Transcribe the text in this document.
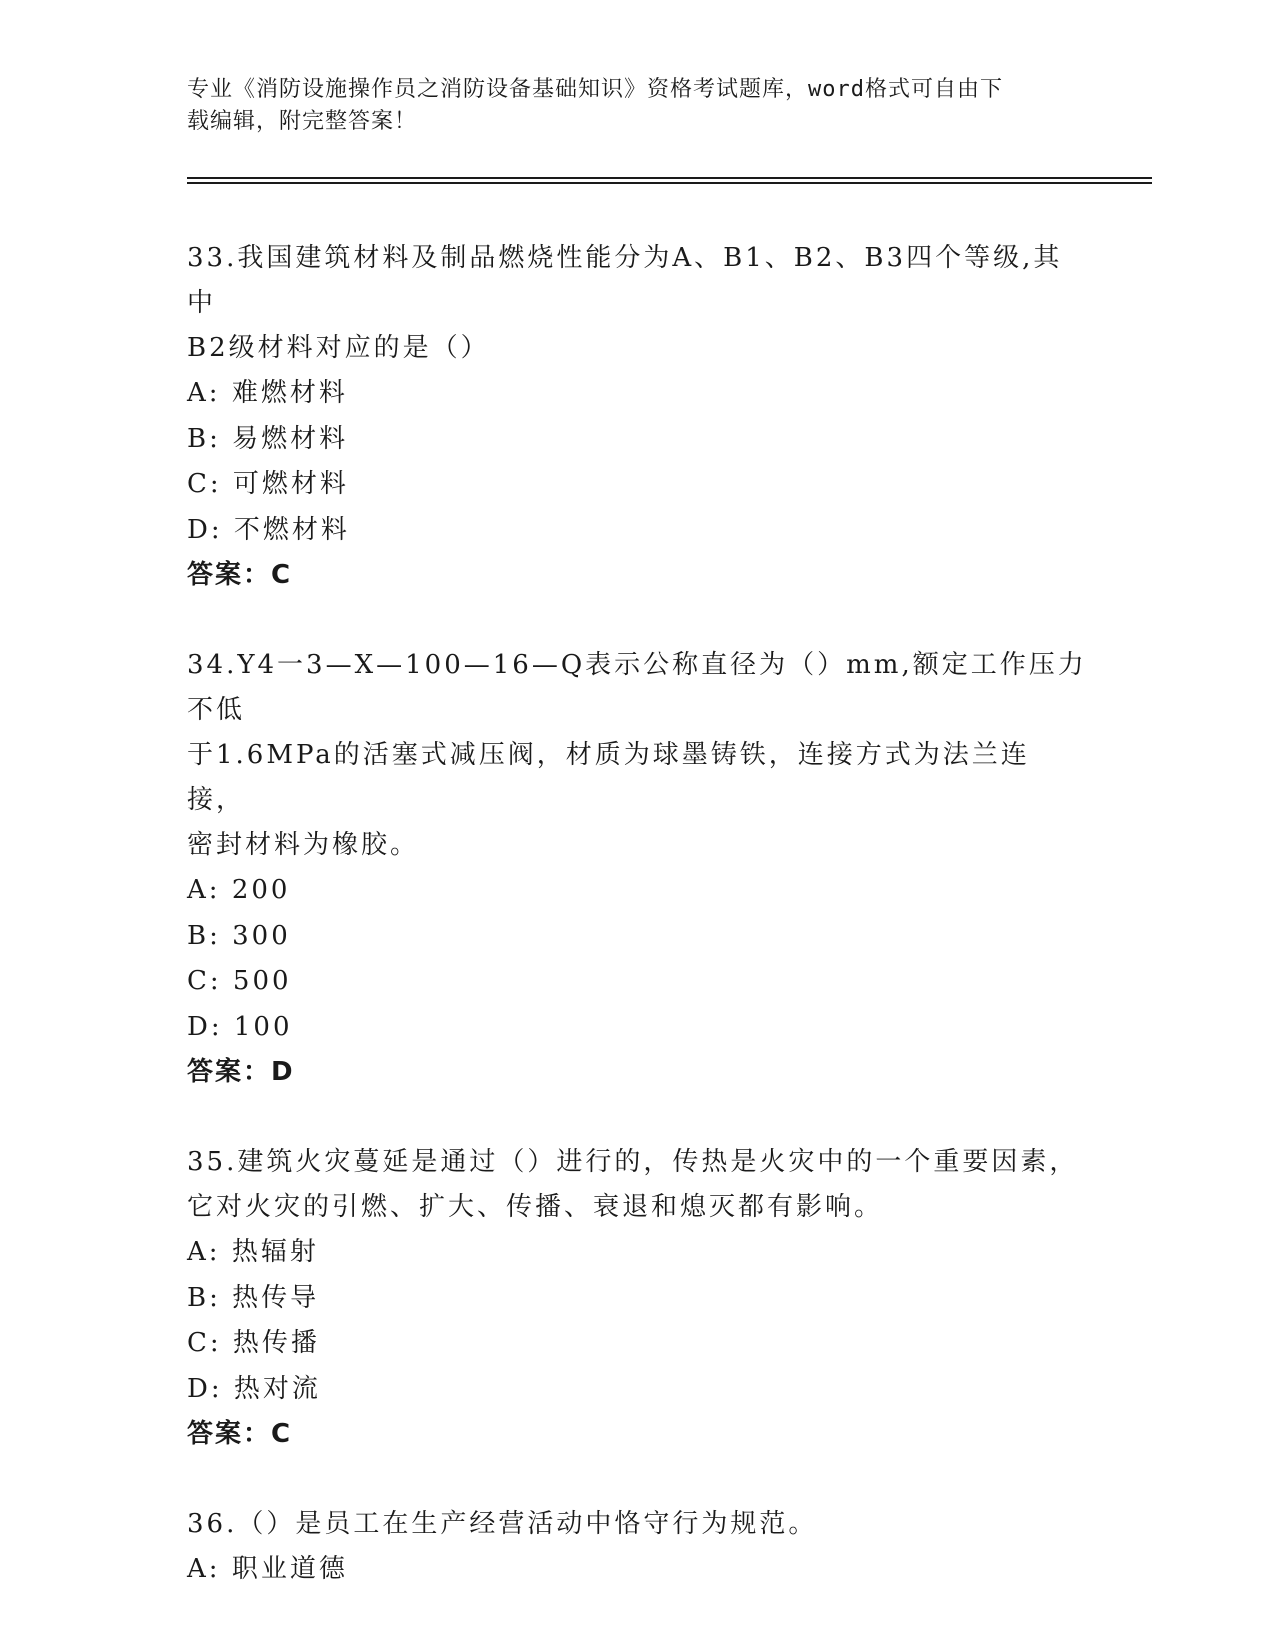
专业《消防设施操作员之消防设备基础知识》资格考试题库，word格式可自由下
载编辑，附完整答案！
33.我国建筑材料及制品燃烧性能分为A、B1、B2、B3四个等级,其中
B2级材料对应的是（）
A: 难燃材料
B: 易燃材料
C: 可燃材料
D: 不燃材料
答案：C
34.Y4一3—X—100—16—Q表示公称直径为（）mm,额定工作压力不低
于1.6MPa的活塞式减压阀，材质为球墨铸铁，连接方式为法兰连接，
密封材料为橡胶。
A: 200
B: 300
C: 500
D: 100
答案：D
35.建筑火灾蔓延是通过（）进行的，传热是火灾中的一个重要因素，
它对火灾的引燃、扩大、传播、衰退和熄灭都有影响。
A: 热辐射
B: 热传导
C: 热传播
D: 热对流
答案：C
36.（）是员工在生产经营活动中恪守行为规范。
A: 职业道德
